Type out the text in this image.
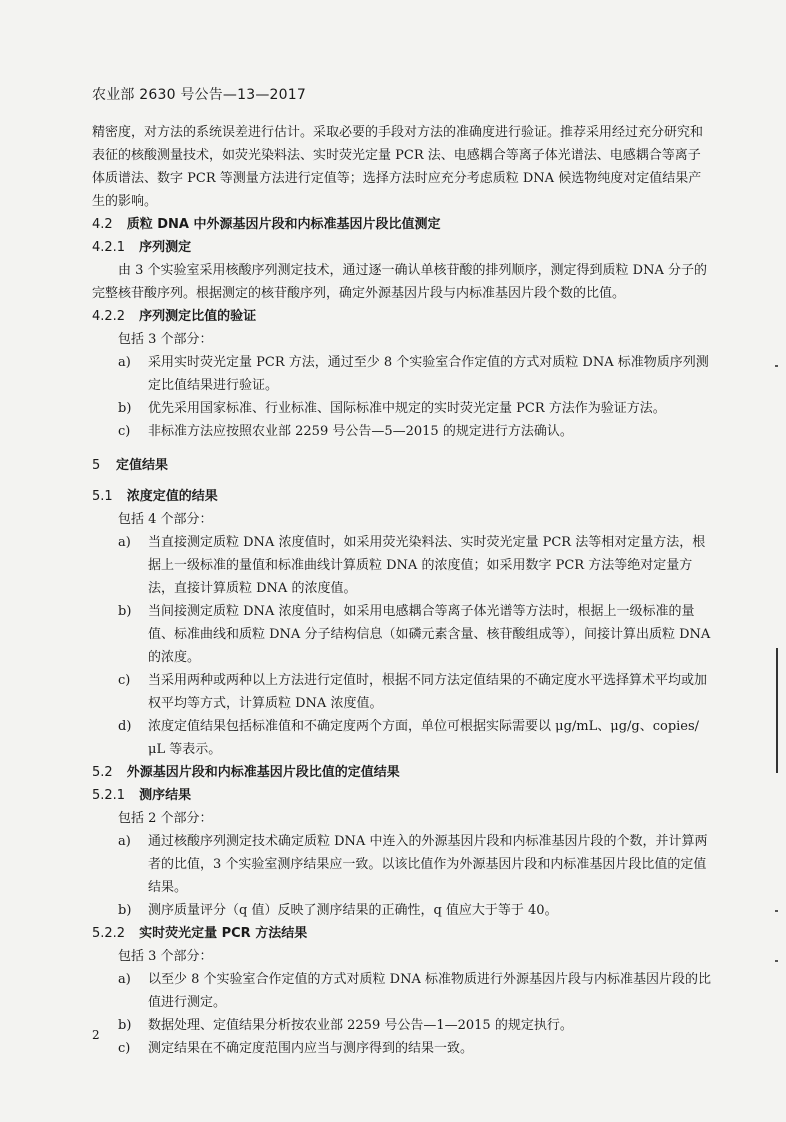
农业部 2630 号公告—13—2017

精密度，对方法的系统误差进行估计。采取必要的手段对方法的准确度进行验证。推荐采用经过充分研究和表征的核酸测量技术，如荧光染料法、实时荧光定量 PCR 法、电感耦合等离子体光谱法、电感耦合等离子体质谱法、数字 PCR 等测量方法进行定值等；选择方法时应充分考虑质粒 DNA 候选物纯度对定值结果产生的影响。

4.2 质粒 DNA 中外源基因片段和内标准基因片段比值测定

4.2.1 序列测定

由 3 个实验室采用核酸序列测定技术，通过逐一确认单核苷酸的排列顺序，测定得到质粒 DNA 分子的完整核苷酸序列。根据测定的核苷酸序列，确定外源基因片段与内标准基因片段个数的比值。

4.2.2 序列测定比值的验证

包括 3 个部分：

a)	采用实时荧光定量 PCR 方法，通过至少 8 个实验室合作定值的方式对质粒 DNA 标准物质序列测定比值结果进行验证。
b)	优先采用国家标准、行业标准、国际标准中规定的实时荧光定量 PCR 方法作为验证方法。
c)	非标准方法应按照农业部 2259 号公告—5—2015 的规定进行方法确认。

5 定值结果

5.1 浓度定值的结果

包括 4 个部分：

a)	当直接测定质粒 DNA 浓度值时，如采用荧光染料法、实时荧光定量 PCR 法等相对定量方法，根据上一级标准的量值和标准曲线计算质粒 DNA 的浓度值；如采用数字 PCR 方法等绝对定量方法，直接计算质粒 DNA 的浓度值。
b)	当间接测定质粒 DNA 浓度值时，如采用电感耦合等离子体光谱等方法时，根据上一级标准的量值、标准曲线和质粒 DNA 分子结构信息（如磷元素含量、核苷酸组成等），间接计算出质粒 DNA 的浓度。
c)	当采用两种或两种以上方法进行定值时，根据不同方法定值结果的不确定度水平选择算术平均或加权平均等方式，计算质粒 DNA 浓度值。
d)	浓度定值结果包括标准值和不确定度两个方面，单位可根据实际需要以 μg/mL、μg/g、copies/μL 等表示。

5.2 外源基因片段和内标准基因片段比值的定值结果

5.2.1 测序结果

包括 2 个部分：

a)	通过核酸序列测定技术确定质粒 DNA 中连入的外源基因片段和内标准基因片段的个数，并计算两者的比值，3 个实验室测序结果应一致。以该比值作为外源基因片段和内标准基因片段比值的定值结果。
b)	测序质量评分（q 值）反映了测序结果的正确性，q 值应大于等于 40。

5.2.2 实时荧光定量 PCR 方法结果

包括 3 个部分：

a)	以至少 8 个实验室合作定值的方式对质粒 DNA 标准物质进行外源基因片段与内标准基因片段的比值进行测定。
b)	数据处理、定值结果分析按农业部 2259 号公告—1—2015 的规定执行。
c)	测定结果在不确定度范围内应当与测序得到的结果一致。
2
